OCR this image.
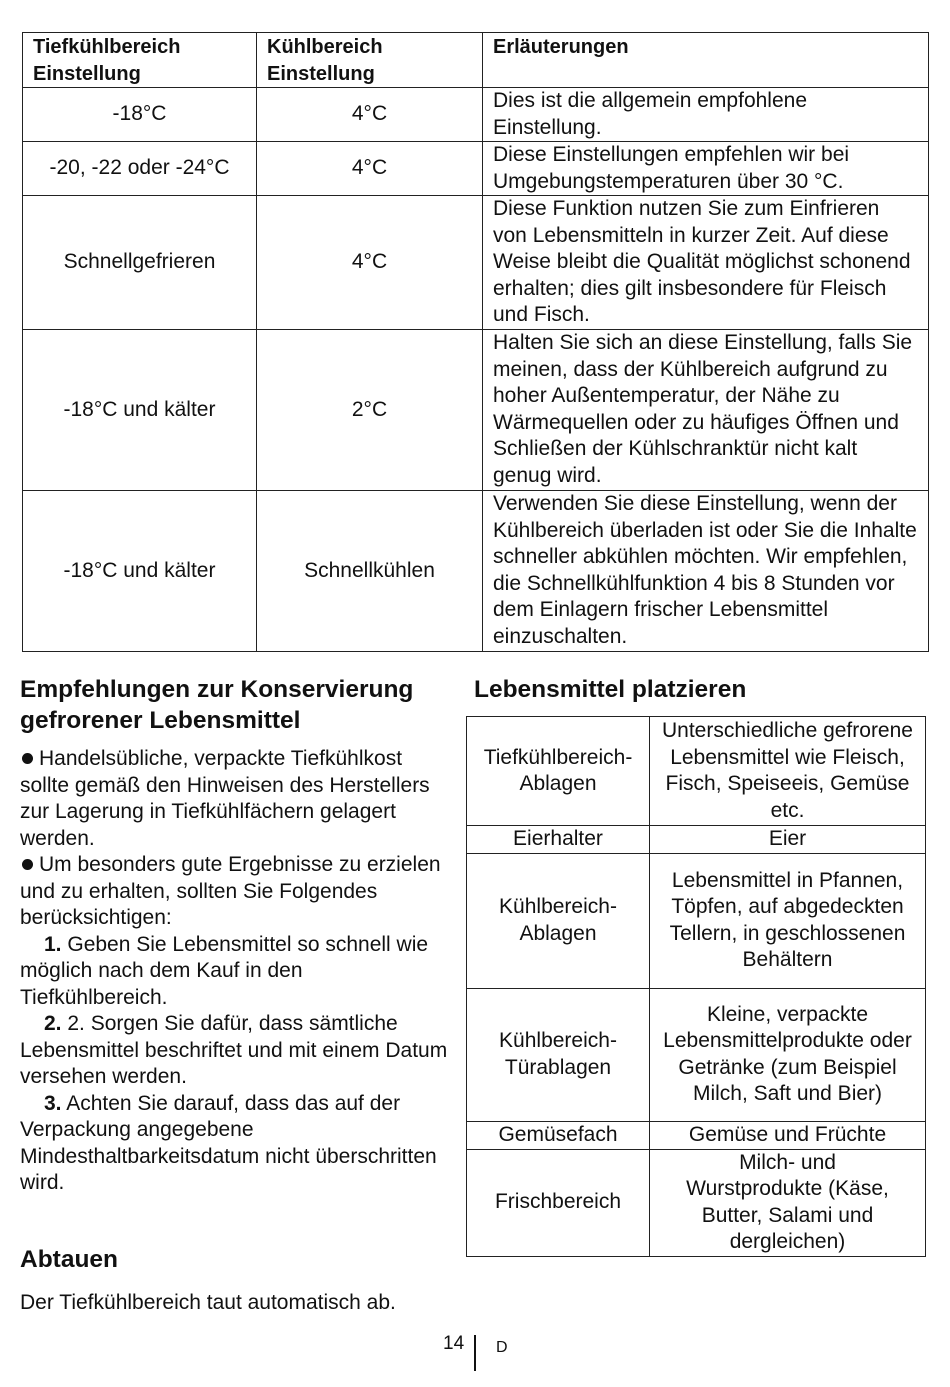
Tiefkühlbereich Einstellung	Kühlbereich Einstellung	Erläuterungen
-18°C	4°C	Dies ist die allgemein empfohlene Einstellung.
-20, -22 oder -24°C	4°C	Diese Einstellungen empfehlen wir bei Umgebungstemperaturen über 30 °C.
Schnellgefrieren	4°C	Diese Funktion nutzen Sie zum Einfrieren von Lebensmitteln in kurzer Zeit. Auf diese Weise bleibt die Qualität möglichst schonend erhalten; dies gilt insbesondere für Fleisch und Fisch.
-18°C und kälter	2°C	Halten Sie sich an diese Einstellung, falls Sie meinen, dass der Kühlbereich aufgrund zu hoher Außentemperatur, der Nähe zu Wärmequellen oder zu häufiges Öffnen und Schließen der Kühlschranktür nicht kalt genug wird.
-18°C und kälter	Schnellkühlen	Verwenden Sie diese Einstellung, wenn der Kühlbereich überladen ist oder Sie die Inhalte schneller abkühlen möchten. Wir empfehlen, die Schnellkühlfunktion 4 bis 8 Stunden vor dem Einlagern frischer Lebensmittel einzuschalten.
Empfehlungen zur Konservierung gefrorener Lebensmittel

Handelsübliche, verpackte Tiefkühlkost sollte gemäß den Hinweisen des Herstellers zur Lagerung in Tiefkühlfächern gelagert werden.

Um besonders gute Ergebnisse zu erzielen und zu erhalten, sollten Sie Folgendes berücksichtigen:

1. Geben Sie Lebensmittel so schnell wie möglich nach dem Kauf in den Tiefkühlbereich.

2. 2. Sorgen Sie dafür, dass sämtliche Lebensmittel beschriftet und mit einem Datum versehen werden.

3. Achten Sie darauf, dass das auf der Verpackung angegebene Mindesthaltbarkeitsdatum nicht überschritten wird.

Abtauen

Der Tiefkühlbereich taut automatisch ab.

Lebensmittel platzieren
Tiefkühlbereich-Ablagen	Unterschiedliche gefrorene Lebensmittel wie Fleisch, Fisch, Speiseeis, Gemüse etc.
Eierhalter	Eier
Kühlbereich-Ablagen	Lebensmittel in Pfannen, Töpfen, auf abgedeckten Tellern, in geschlossenen Behältern
Kühlbereich-Türablagen	Kleine, verpackte Lebensmittelprodukte oder Getränke (zum Beispiel Milch, Saft und Bier)
Gemüsefach	Gemüse und Früchte
Frischbereich	Milch- und Wurstprodukte (Käse, Butter, Salami und dergleichen)
14 D
